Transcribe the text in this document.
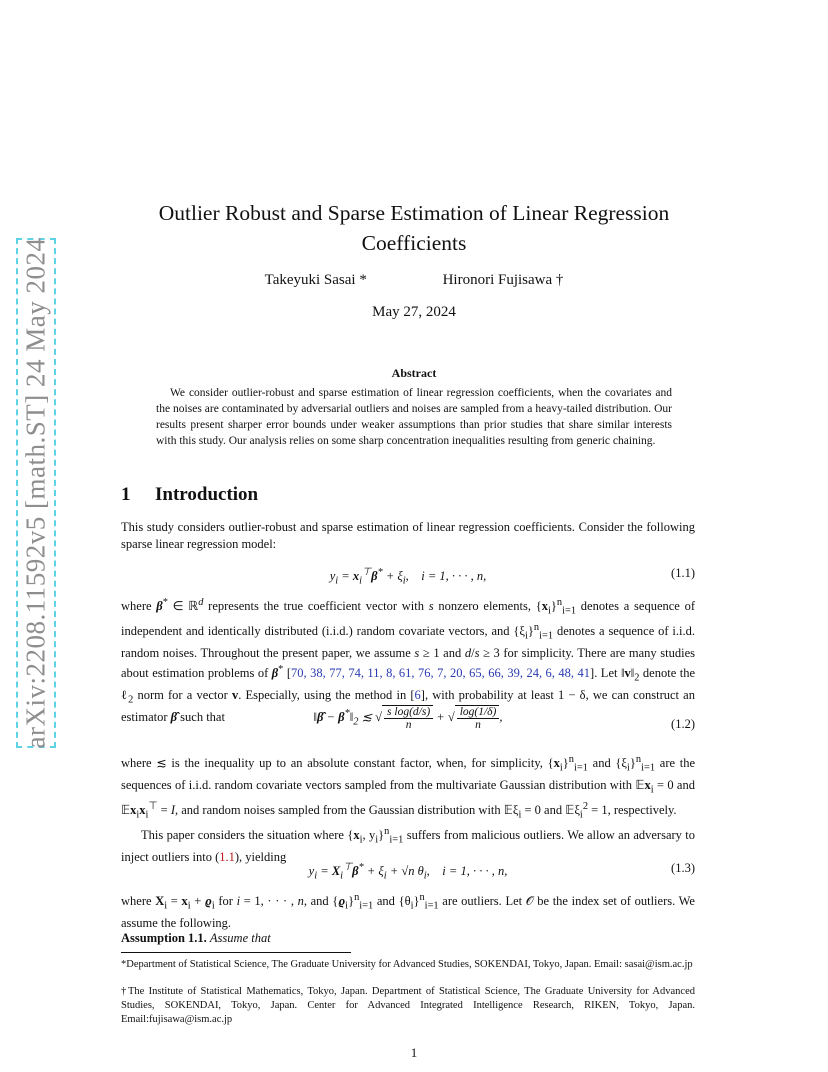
arXiv:2208.11592v5 [math.ST] 24 May 2024
Outlier Robust and Sparse Estimation of Linear Regression
Coefficients
Takeyuki Sasai *	Hironori Fujisawa †
May 27, 2024
Abstract
We consider outlier-robust and sparse estimation of linear regression coefficients, when the covariates and the noises are contaminated by adversarial outliers and noises are sampled from a heavy-tailed distribution. Our results present sharper error bounds under weaker assumptions than prior studies that share similar interests with this study. Our analysis relies on some sharp concentration inequalities resulting from generic chaining.
1 Introduction
This study considers outlier-robust and sparse estimation of linear regression coefficients. Consider the following sparse linear regression model:
$y_i = x_i^⊤\beta^* + \xi_i$,    i = 1, · · · , n,	(1.1)
where β* ∈ ℝ$^d$ represents the true coefficient vector with s nonzero elements, $\{x_i\}^n_{i=1}$ denotes a sequence of independent and identically distributed (i.i.d.) random covariate vectors, and $\{\xi_i\}^n_{i=1}$ denotes a sequence of i.i.d. random noises. Throughout the present paper, we assume s ≥ 1 and d/s ≥ 3 for simplicity. There are many studies about estimation problems of β* [70, 38, 77, 74, 11, 8, 61, 76, 7, 20, 65, 66, 39, 24, 6, 48, 41]. Let $‖v‖_2$ denote the ℓ$_2$ norm for a vector v. Especially, using the method in [6], with probability at least 1 − δ, we can construct an estimator β̂ such that	‖β̂ − $\beta^*‖_2$ ≲ √ $\frac{\text{s log(d/s)}}{n}$ + √ $\frac{\log(1/\delta)}{n}$ ,	(1.2)
where ≲ is the inequality up to an absolute constant factor, when, for simplicity, $\{x_i\}^n_{i=1}$ and $\{\xi_i\}^n_{i=1}$ are the sequences of i.i.d. random covariate vectors sampled from the multivariate Gaussian distribution with 𝔼x$_i$ = 0 and $𝔼x_ix_i^⊤ = I$, and random noises sampled from the Gaussian distribution with 𝔼ξ$_i$ = 0 and 𝔼ξ$_i^2$ = 1, respectively.
This paper considers the situation where {$x_i$, $y_i\}^n_{i=1}$ suffers from malicious outliers. We allow an adversary to inject outliers into (1.1), yielding
$y_i = X_i^⊤\beta^* + \xi_i + √n$ $\theta_i$,    i = 1, · · · , n,	(1.3)
where $X_i = x_i + ϱ_i$ for i = 1, · · · , n, and $\{ϱ_i\}^n_{i=1}$ and $\{\theta_i\}^n_{i=1}$ are outliers. Let 𝒪 be the index set of outliers. We assume the following.
Assumption 1.1. Assume that
*Department of Statistical Science, The Graduate University for Advanced Studies, SOKENDAI, Tokyo, Japan. Email: sasai@ism.ac.jp
†The Institute of Statistical Mathematics, Tokyo, Japan. Department of Statistical Science, The Graduate University for Advanced Studies, SOKENDAI, Tokyo, Japan. Center for Advanced Integrated Intelligence Research, RIKEN, Tokyo, Japan. Email:fujisawa@ism.ac.jp
1
